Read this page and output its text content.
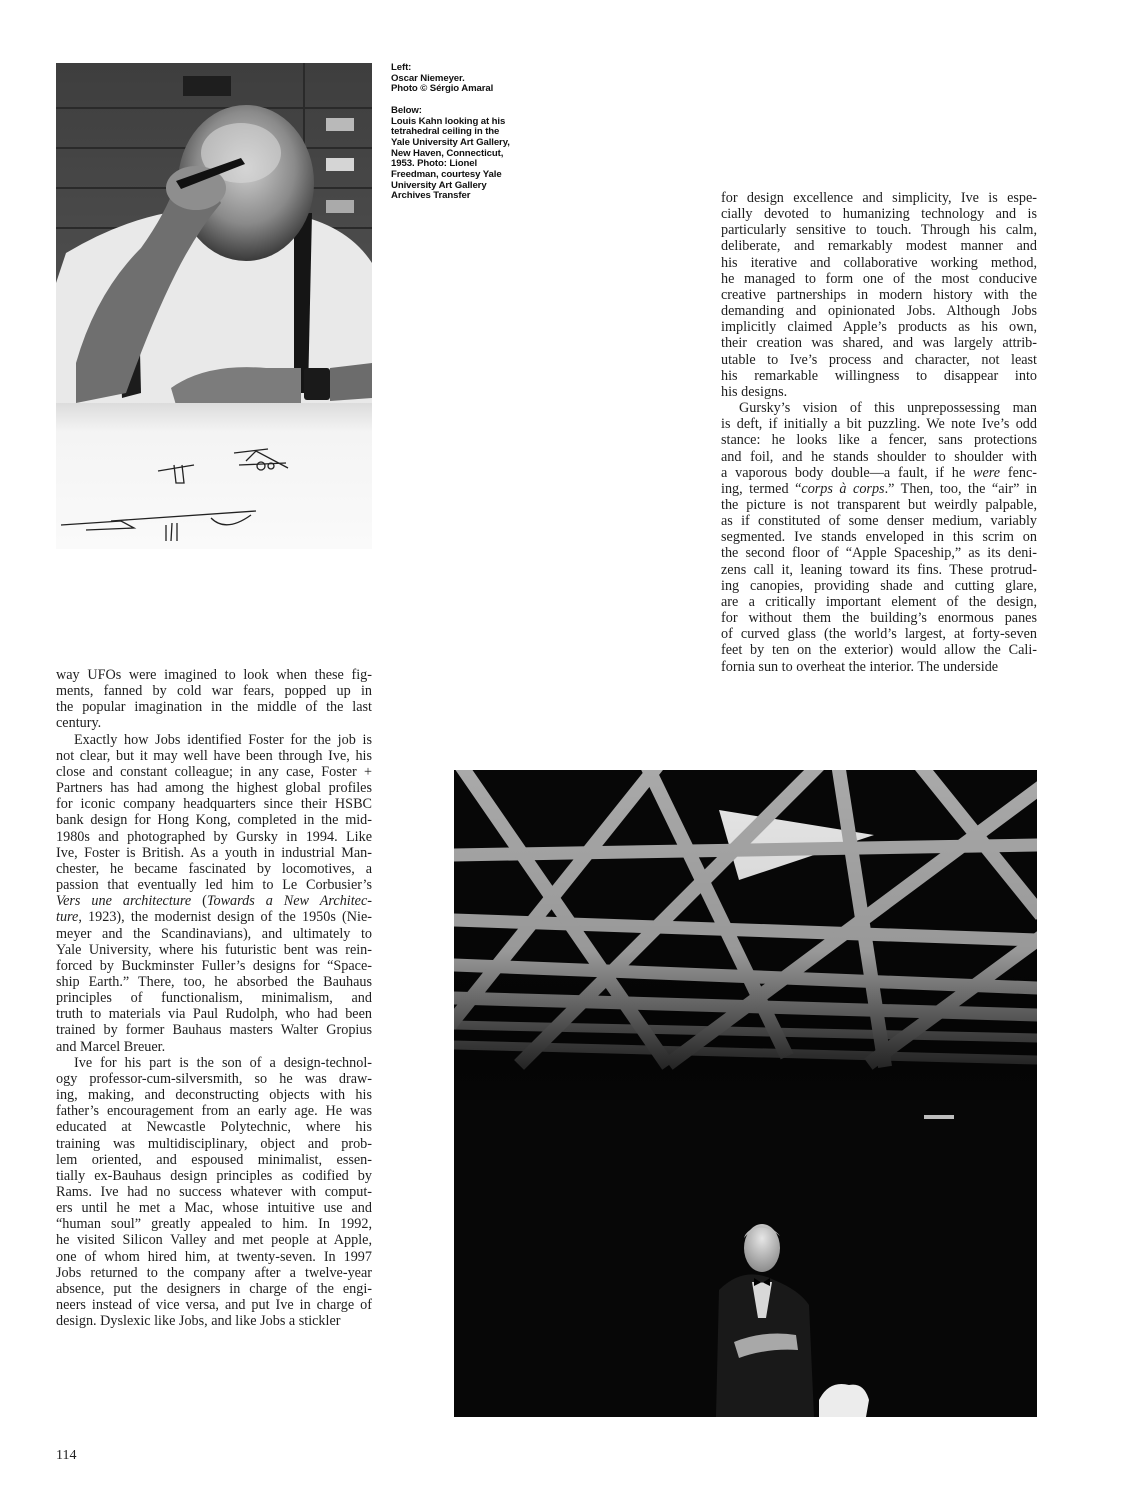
Left:
Oscar Niemeyer.
Photo © Sérgio Amaral

Below:
Louis Kahn looking at his
tetrahedral ceiling in the
Yale University Art Gallery,
New Haven, Connecticut,
1953. Photo: Lionel
Freedman, courtesy Yale
University Art Gallery
Archives Transfer	for design excellence and simplicity, Ive is espe-
cially devoted to humanizing technology and is
particularly sensitive to touch. Through his calm,
deliberate, and remarkably modest manner and
his iterative and collaborative working method,
he managed to form one of the most conducive
creative partnerships in modern history with the
demanding and opinionated Jobs. Although Jobs
implicitly claimed Apple’s products as his own,
their creation was shared, and was largely attrib-
utable to Ive’s process and character, not least
his remarkable willingness to disappear into
his designs.

Gursky’s vision of this unprepossessing man
is deft, if initially a bit puzzling. We note Ive’s odd
stance: he looks like a fencer, sans protections
and foil, and he stands shoulder to shoulder with
a vaporous body double—a fault, if he were fenc-
ing, termed “corps à corps.” Then, too, the “air” in
the picture is not transparent but weirdly palpable,
as if constituted of some denser medium, variably
segmented. Ive stands enveloped in this scrim on
the second floor of “Apple Spaceship,” as its deni-
zens call it, leaning toward its fins. These protrud-
ing canopies, providing shade and cutting glare,
are a critically important element of the design,
for without them the building’s enormous panes
of curved glass (the world’s largest, at forty-seven
feet by ten on the exterior) would allow the Cali-
fornia sun to overheat the interior. The underside

way UFOs were imagined to look when these fig-
ments, fanned by cold war fears, popped up in
the popular imagination in the middle of the last
century.

Exactly how Jobs identified Foster for the job is
not clear, but it may well have been through Ive, his
close and constant colleague; in any case, Foster +
Partners has had among the highest global profiles
for iconic company headquarters since their HSBC
bank design for Hong Kong, completed in the mid-
1980s and photographed by Gursky in 1994. Like
Ive, Foster is British. As a youth in industrial Man-
chester, he became fascinated by locomotives, a
passion that eventually led him to Le Corbusier’s
Vers une architecture (Towards a New Architec-
ture, 1923), the modernist design of the 1950s (Nie-
meyer and the Scandinavians), and ultimately to
Yale University, where his futuristic bent was rein-
forced by Buckminster Fuller’s designs for “Space-
ship Earth.” There, too, he absorbed the Bauhaus
principles of functionalism, minimalism, and
truth to materials via Paul Rudolph, who had been
trained by former Bauhaus masters Walter Gropius
and Marcel Breuer.

Ive for his part is the son of a design-technol-
ogy professor-cum-silversmith, so he was draw-
ing, making, and deconstructing objects with his
father’s encouragement from an early age. He was
educated at Newcastle Polytechnic, where his
training was multidisciplinary, object and prob-
lem oriented, and espoused minimalist, essen-
tially ex-Bauhaus design principles as codified by
Rams. Ive had no success whatever with comput-
ers until he met a Mac, whose intuitive use and
“human soul” greatly appealed to him. In 1992,
he visited Silicon Valley and met people at Apple,
one of whom hired him, at twenty-seven. In 1997
Jobs returned to the company after a twelve-year
absence, put the designers in charge of the engi-
neers instead of vice versa, and put Ive in charge of
design. Dyslexic like Jobs, and like Jobs a stickler

114
